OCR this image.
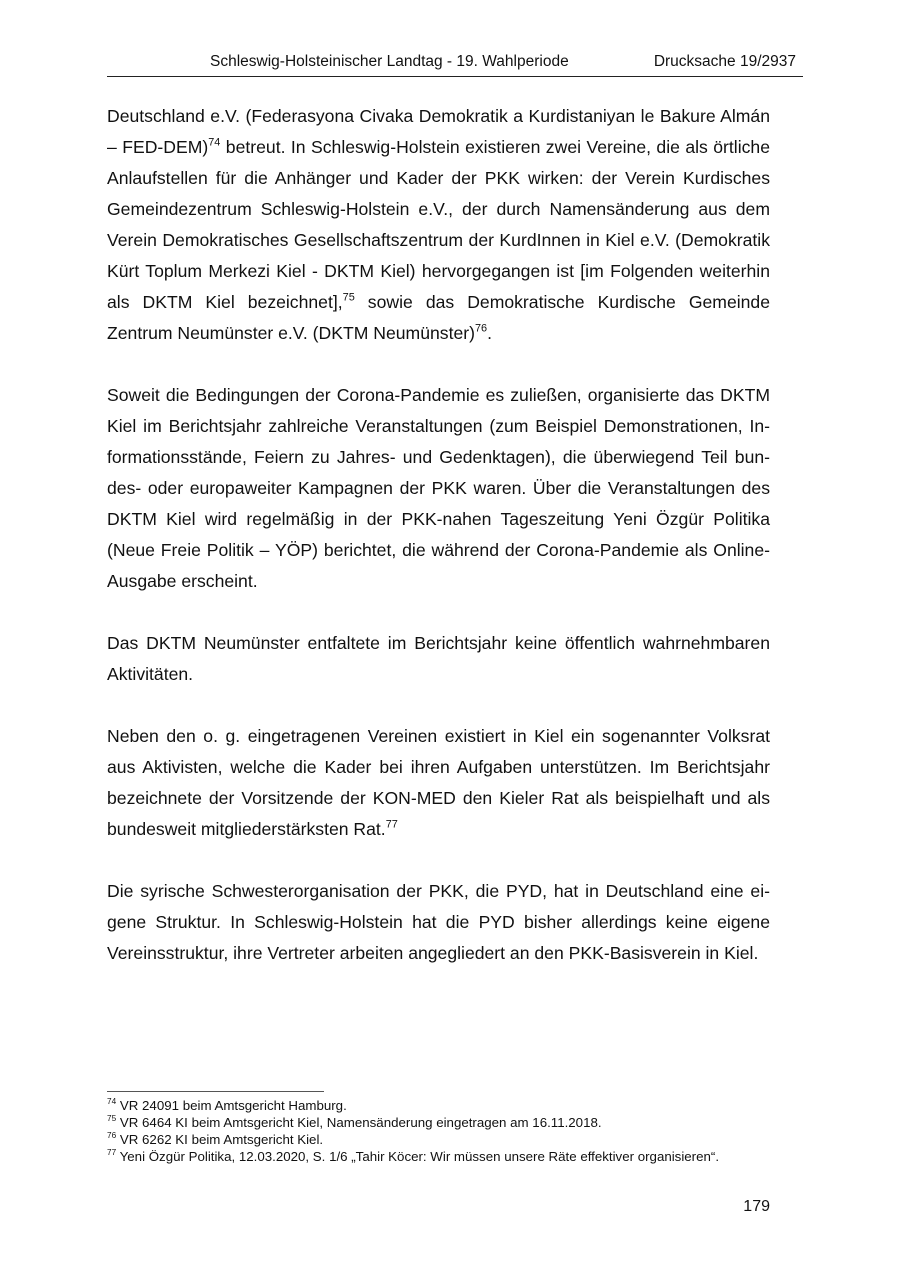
Schleswig-Holsteinischer Landtag - 19. Wahlperiode	Drucksache 19/2937

Deutschland e.V. (Federasyona Civaka Demokratik a Kurdistaniyan le Bakure Almán – FED-DEM)$^{74}$ betreut. In Schleswig-Holstein existieren zwei Vereine, die als örtliche Anlaufstellen für die Anhänger und Kader der PKK wirken: der Verein Kurdisches Gemeindezentrum Schleswig-Holstein e.V., der durch Namensänderung aus dem Verein Demokratisches Gesellschaftszentrum der KurdInnen in Kiel e.V. (Demokratik Kürt Toplum Merkezi Kiel - DKTM Kiel) hervorgegangen ist [im Folgenden weiterhin als DKTM Kiel bezeichnet],$^{75}$ sowie das Demokratische Kurdische Gemeinde Zentrum Neumünster e.V. (DKTM Neumünster)$^{76}$.

Soweit die Bedingungen der Corona-Pandemie es zuließen, organisierte das DKTM Kiel im Berichtsjahr zahlreiche Veranstaltungen (zum Beispiel Demonstrationen, Informationsstände, Feiern zu Jahres- und Gedenktagen), die überwiegend Teil bundes- oder europaweiter Kampagnen der PKK waren. Über die Veranstaltungen des DKTM Kiel wird regelmäßig in der PKK-nahen Tageszeitung Yeni Özgür Politika (Neue Freie Politik – YÖP) berichtet, die während der Corona-Pandemie als Online-Ausgabe erscheint.

Das DKTM Neumünster entfaltete im Berichtsjahr keine öffentlich wahrnehmbaren Aktivitäten.

Neben den o. g. eingetragenen Vereinen existiert in Kiel ein sogenannter Volksrat aus Aktivisten, welche die Kader bei ihren Aufgaben unterstützen. Im Berichtsjahr bezeichnete der Vorsitzende der KON-MED den Kieler Rat als beispielhaft und als bundesweit mitgliederstärksten Rat.$^{77}$

Die syrische Schwesterorganisation der PKK, die PYD, hat in Deutschland eine eigene Struktur. In Schleswig-Holstein hat die PYD bisher allerdings keine eigene Vereinsstruktur, ihre Vertreter arbeiten angegliedert an den PKK-Basisverein in Kiel.

$^{74}$ VR 24091 beim Amtsgericht Hamburg.

$^{75}$ VR 6464 KI beim Amtsgericht Kiel, Namensänderung eingetragen am 16.11.2018.

$^{76}$ VR 6262 KI beim Amtsgericht Kiel.

$^{77}$ Yeni Özgür Politika, 12.03.2020, S. 1/6 „Tahir Köcer: Wir müssen unsere Räte effektiver organisieren“.

179
